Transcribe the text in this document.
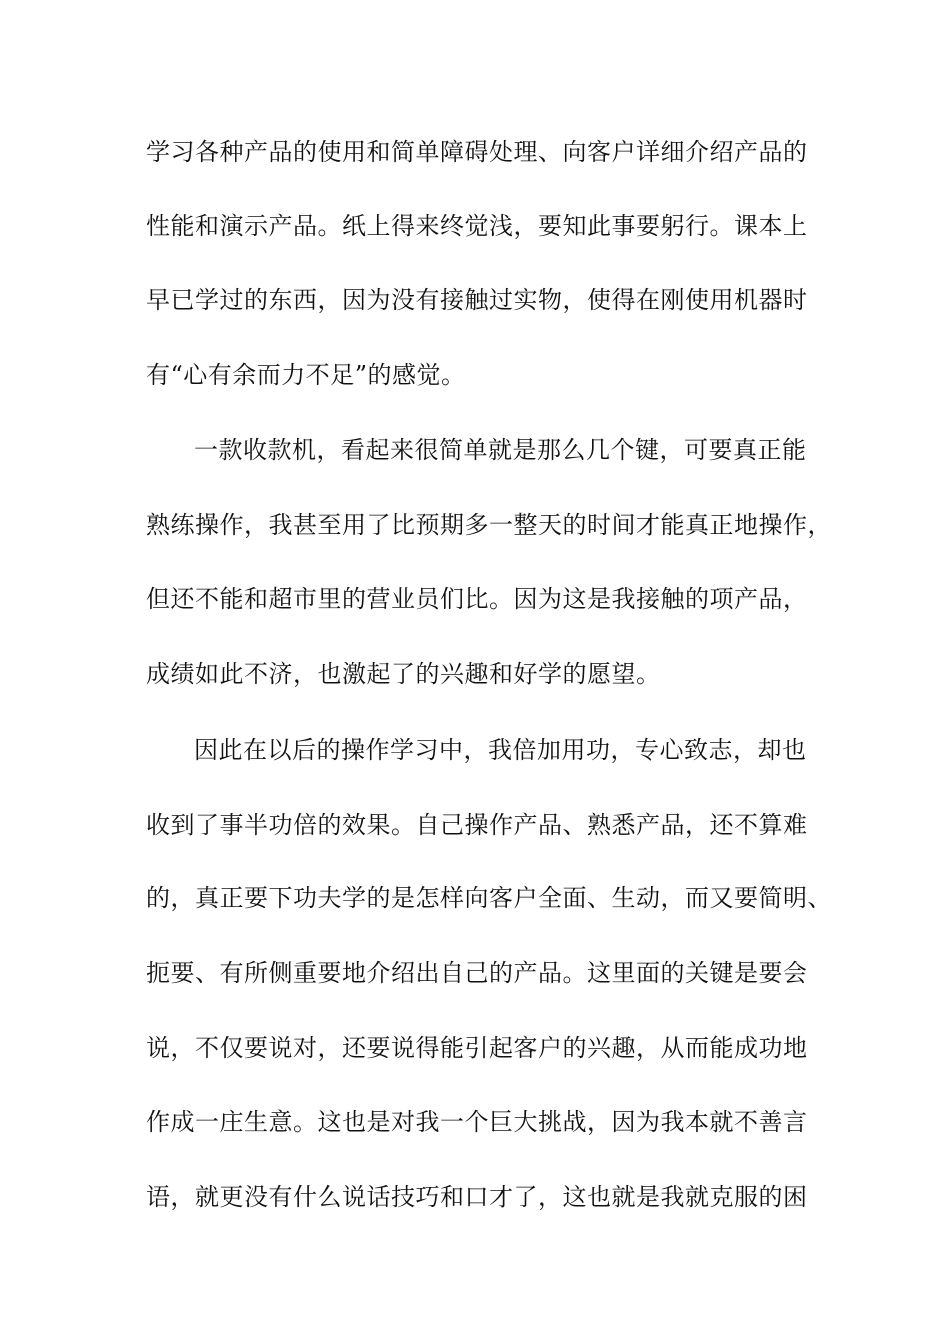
学习各种产品的使用和简单障碍处理、向客户详细介绍产品的
性能和演示产品。纸上得来终觉浅，要知此事要躬行。课本上
早已学过的东西，因为没有接触过实物，使得在刚使用机器时
有“心有余而力不足”的感觉。
一款收款机，看起来很简单就是那么几个键，可要真正能
熟练操作，我甚至用了比预期多一整天的时间才能真正地操作，
但还不能和超市里的营业员们比。因为这是我接触的项产品，
成绩如此不济，也激起了的兴趣和好学的愿望。
因此在以后的操作学习中，我倍加用功，专心致志，却也
收到了事半功倍的效果。自己操作产品、熟悉产品，还不算难
的，真正要下功夫学的是怎样向客户全面、生动，而又要简明、
扼要、有所侧重要地介绍出自己的产品。这里面的关键是要会
说，不仅要说对，还要说得能引起客户的兴趣，从而能成功地
作成一庄生意。这也是对我一个巨大挑战，因为我本就不善言
语，就更没有什么说话技巧和口才了，这也就是我就克服的困
